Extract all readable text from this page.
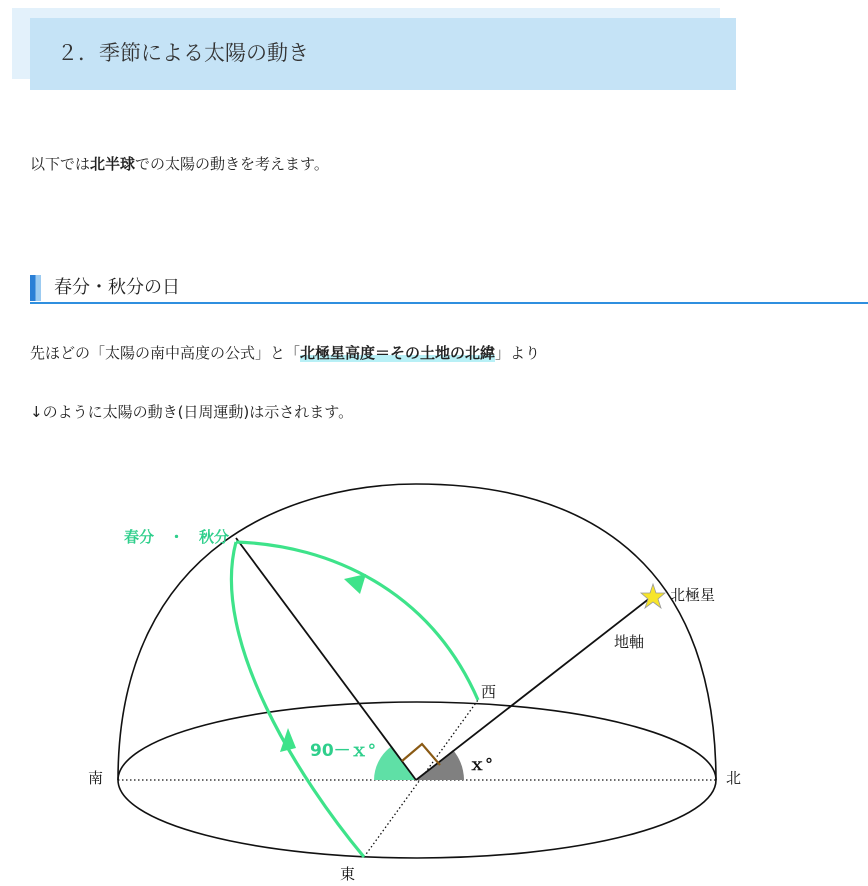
２．季節による太陽の動き
以下では北半球での太陽の動きを考えます。
春分・秋分の日
先ほどの「太陽の南中高度の公式」と「北極星高度＝その土地の北緯」より
↓のように太陽の動き(日周運動)は示されます。
春分　・　秋分
北極星
地軸
西
東
南	北
90－ｘ°
ｘ°
